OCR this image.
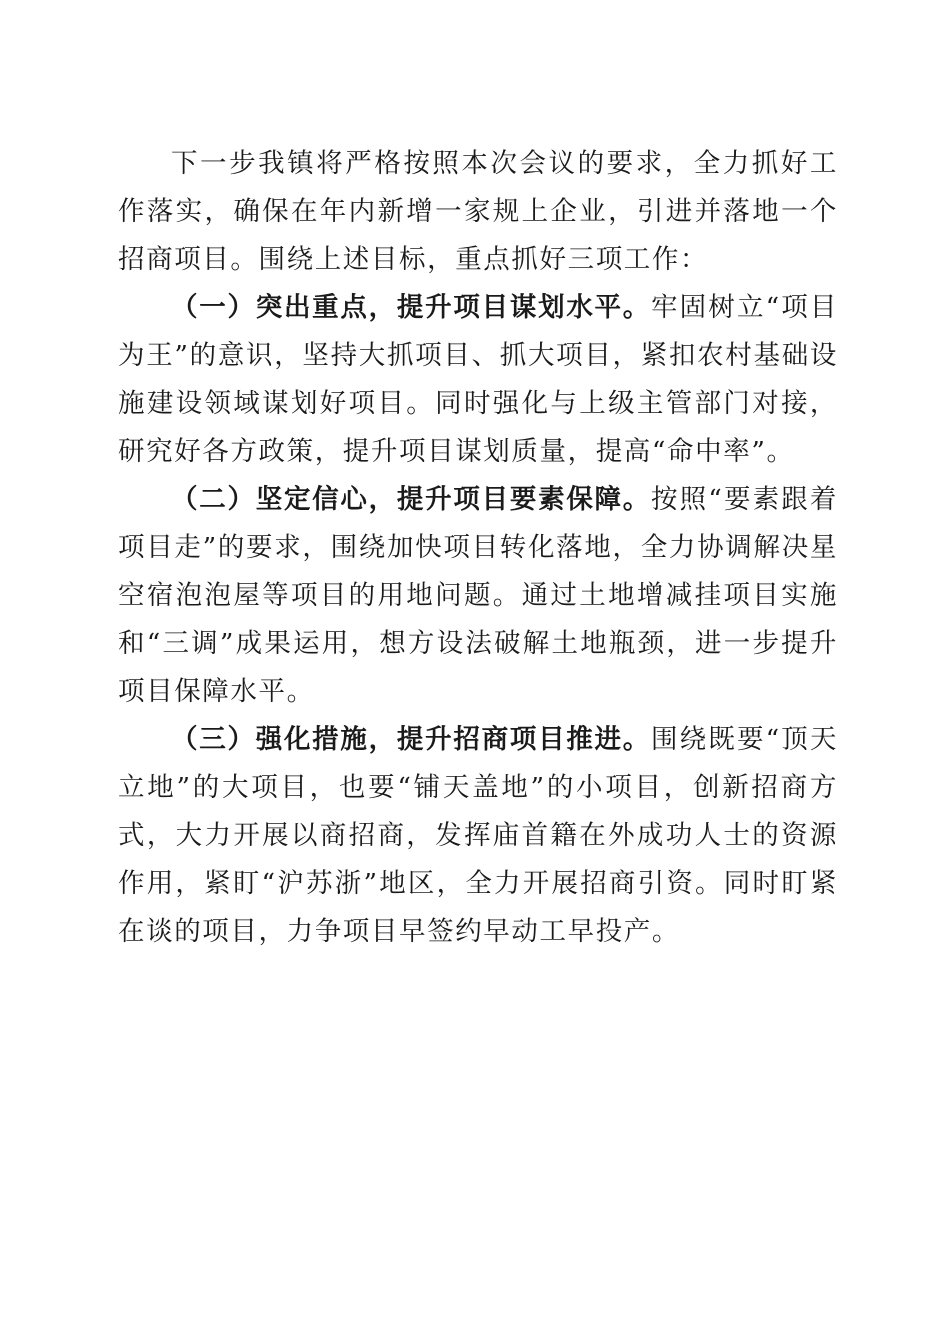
下一步我镇将严格按照本次会议的要求，全力抓好工作落实，确保在年内新增一家规上企业，引进并落地一个招商项目。围绕上述目标，重点抓好三项工作：

（一）突出重点，提升项目谋划水平。牢固树立“项目为王”的意识，坚持大抓项目、抓大项目，紧扣农村基础设施建设领域谋划好项目。同时强化与上级主管部门对接，研究好各方政策，提升项目谋划质量，提高“命中率”。

（二）坚定信心，提升项目要素保障。按照“要素跟着项目走”的要求，围绕加快项目转化落地，全力协调解决星空宿泡泡屋等项目的用地问题。通过土地增减挂项目实施和“三调”成果运用，想方设法破解土地瓶颈，进一步提升项目保障水平。

（三）强化措施，提升招商项目推进。围绕既要“顶天立地”的大项目，也要“铺天盖地”的小项目，创新招商方式，大力开展以商招商，发挥庙首籍在外成功人士的资源作用，紧盯“沪苏浙”地区，全力开展招商引资。同时盯紧在谈的项目，力争项目早签约早动工早投产。
